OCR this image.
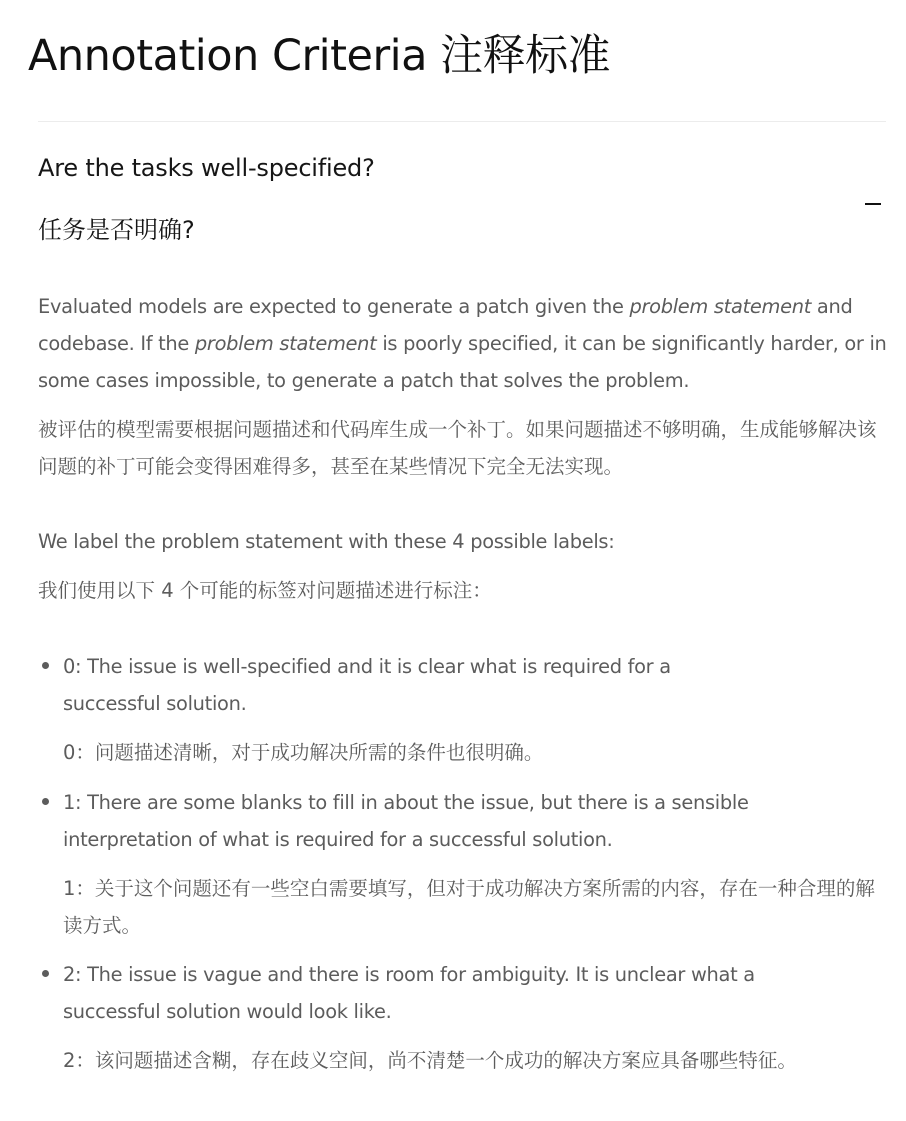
Annotation Criteria 注释标准
Are the tasks well-specified?
任务是否明确?

Evaluated models are expected to generate a patch given the problem statement and codebase. If the problem statement is poorly specified, it can be significantly harder, or in some cases impossible, to generate a patch that solves the problem.

被评估的模型需要根据问题描述和代码库生成一个补丁。如果问题描述不够明确，生成能够解决该问题的补丁可能会变得困难得多，甚至在某些情况下完全无法实现。

We label the problem statement with these 4 possible labels:

我们使用以下 4 个可能的标签对问题描述进行标注：

0: The issue is well-specified and it is clear what is required for a successful solution.

0：问题描述清晰，对于成功解决所需的条件也很明确。

1: There are some blanks to fill in about the issue, but there is a sensible interpretation of what is required for a successful solution.

1：关于这个问题还有一些空白需要填写，但对于成功解决方案所需的内容，存在一种合理的解读方式。

2: The issue is vague and there is room for ambiguity. It is unclear what a successful solution would look like.

2：该问题描述含糊，存在歧义空间，尚不清楚一个成功的解决方案应具备哪些特征。
